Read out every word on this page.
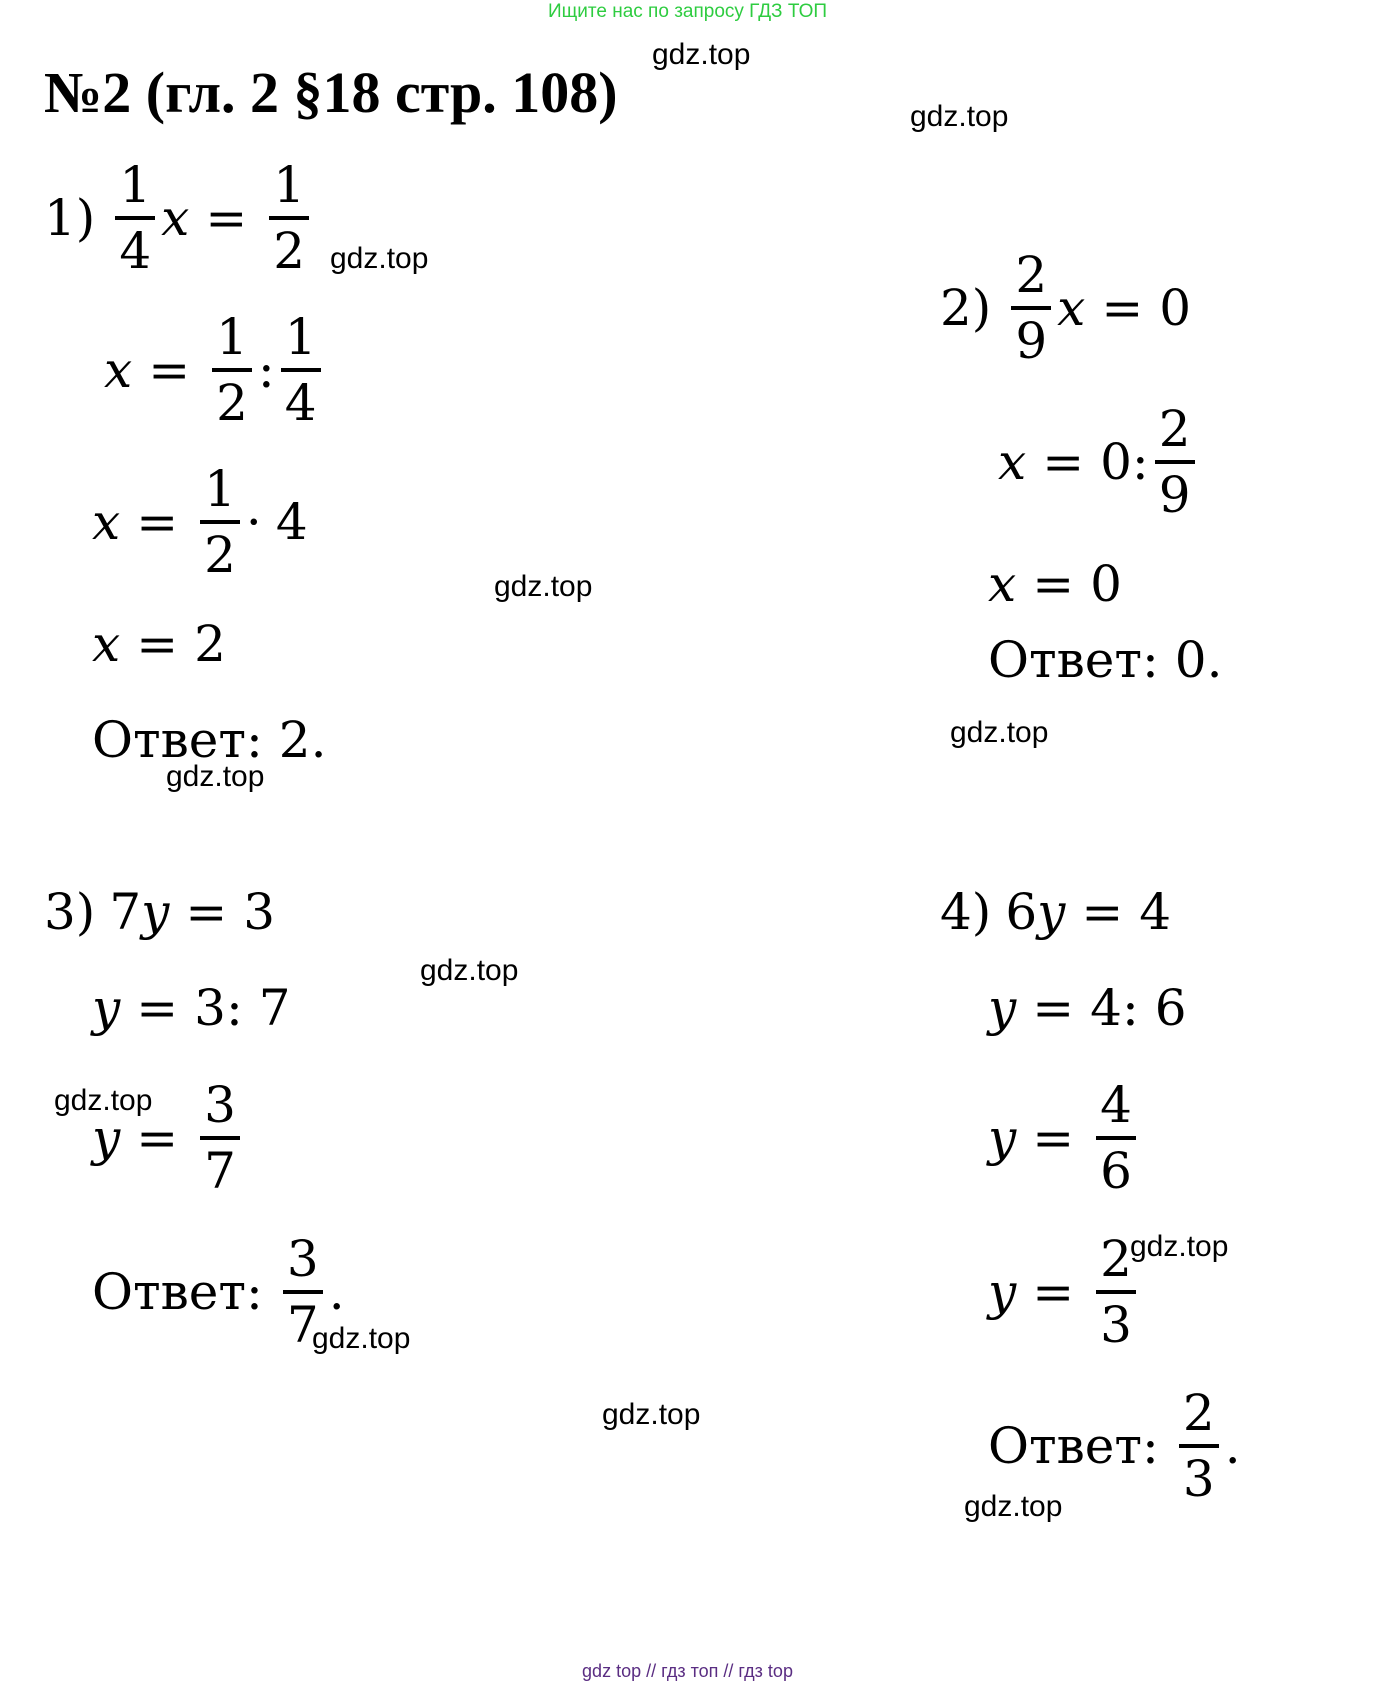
Ищите нас по запросу ГДЗ ТОП
№2 (гл. 2 §18 стр. 108)
gdz.top
gdz.top
gdz.top
gdz.top
gdz.top
gdz.top
gdz.top
gdz.top
gdz.top
gdz.top
gdz.top
gdz.top
$1) \frac{1}{4}$ $x = \frac{1}{2}$
$x = \frac{1}{2}$ : $\frac{1}{4}$
$x = \frac{1}{2} \cdot 4$
x = 2
Ответ: 2.
$2) \frac{2}{9}$ x = 0
x = 0: $\frac{2}{9}$
x = 0
Ответ: 0.
3) 7 y = 3
y = 3: 7
$y = \frac{3}{7}$
Ответ: $\frac{3}{7}$ .
4) 6 y = 4
y = 4: 6
$y = \frac{4}{6}$
$y = \frac{2}{3}$
Ответ: $\frac{2}{3}$ .
gdz top // гдз топ // гдз top
